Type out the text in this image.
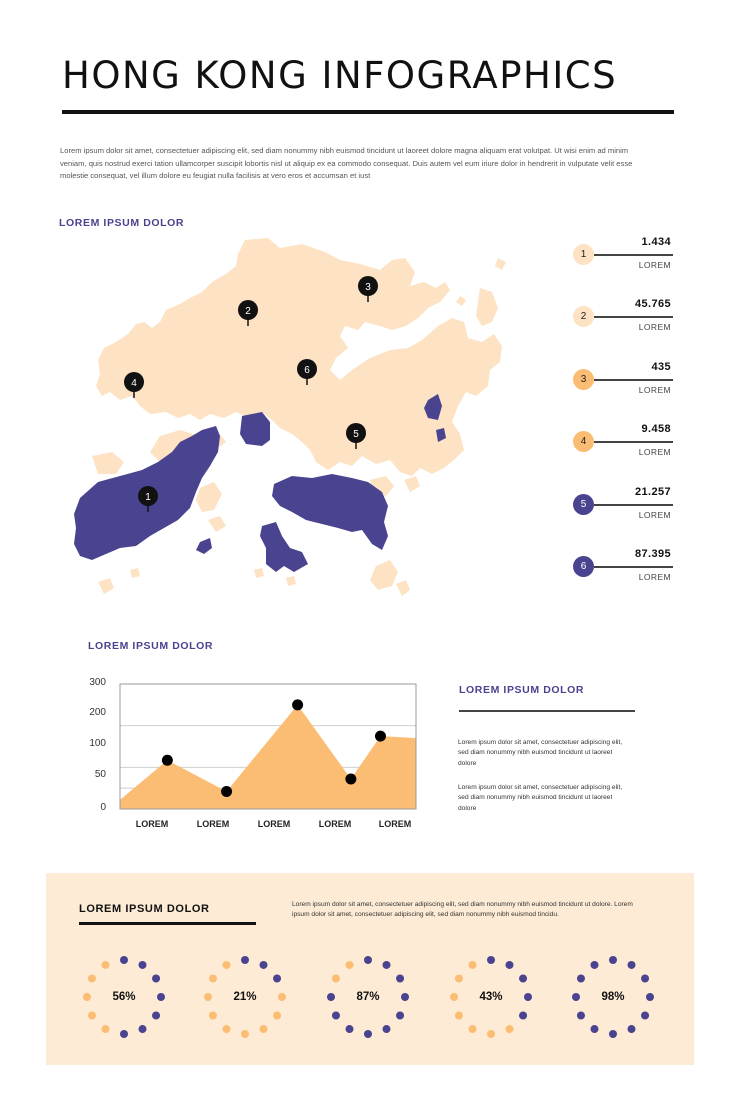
HONG KONG INFOGRAPHICS
Lorem ipsum dolor sit amet, consectetuer adipiscing elit, sed diam nonummy nibh euismod tincidunt ut laoreet dolore magna aliquam erat volutpat. Ut wisi enim ad minim veniam, quis nostrud exerci tation ullamcorper suscipit lobortis nisl ut aliquip ex ea commodo consequat. Duis autem vel eum iriure dolor in hendrerit in vulputate velit esse molestie consequat, vel illum dolore eu feugiat nulla facilisis at vero eros et accumsan et iust
LOREM IPSUM DOLOR
1
2
3
4
5
6
1
1.434
LOREM
2
45.765
LOREM
3
435
LOREM
4
9.458
LOREM
5
21.257
LOREM
6
87.395
LOREM
LOREM IPSUM DOLOR
300
200
100
50
0
LOREM	LOREM	LOREM	LOREM	LOREM
LOREM IPSUM DOLOR
Lorem ipsum dolor sit amet, consectetuer adipiscing elit, sed diam nonummy nibh euismod tincidunt ut laoreet dolore
Lorem ipsum dolor sit amet, consectetuer adipiscing elit, sed diam nonummy nibh euismod tincidunt ut laoreet dolore
LOREM IPSUM DOLOR	Lorem ipsum dolor sit amet, consectetuer adipiscing elit, sed diam nonummy nibh euismod tincidunt ut dolore. Lorem ipsum dolor sit amet, consectetuer adipiscing elit, sed diam nonummy nibh euismod tincidu.
56%	21%	87%	43%	98%
